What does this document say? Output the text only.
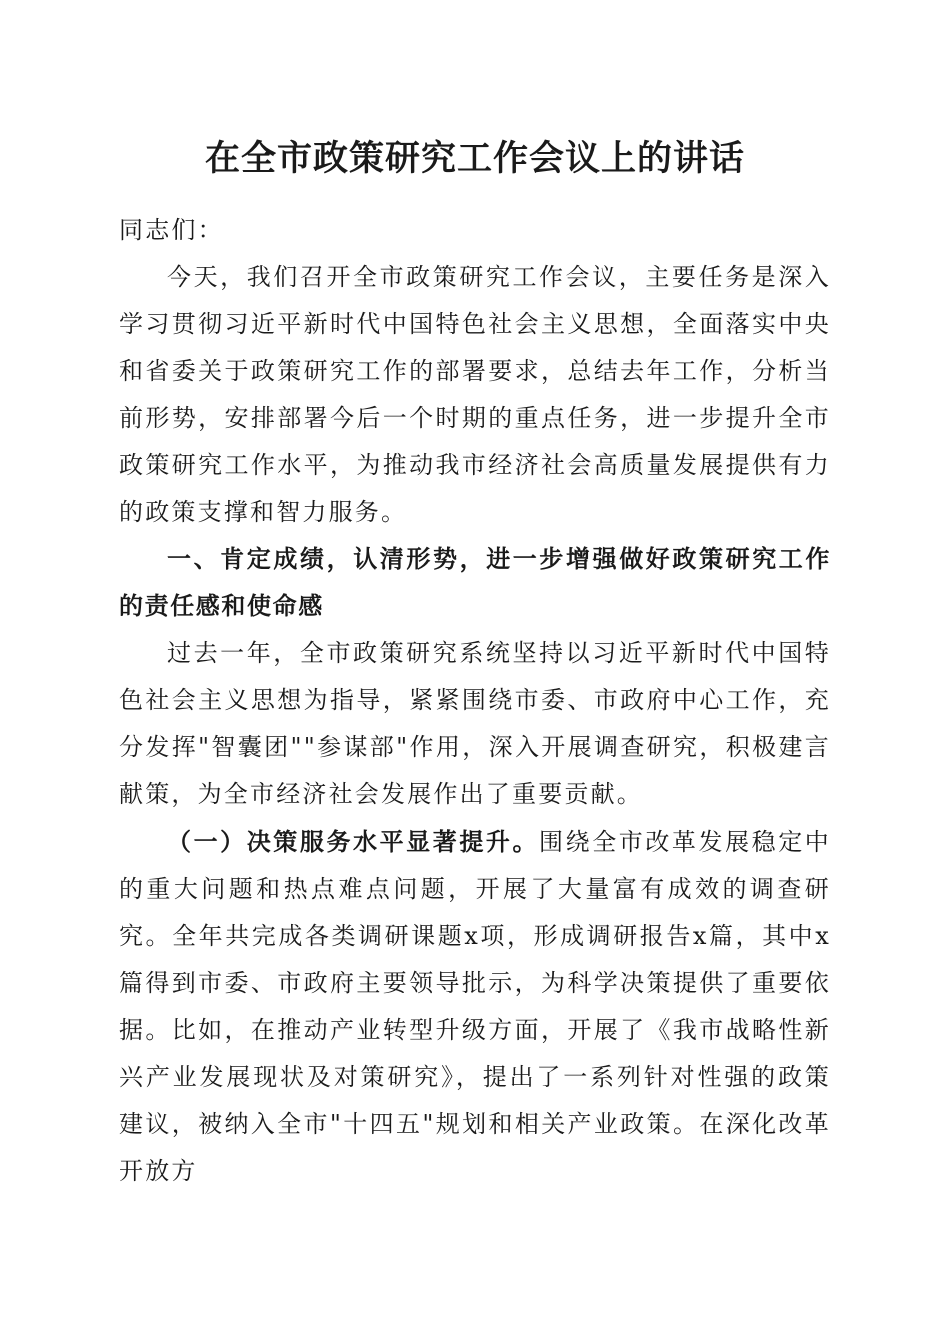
在全市政策研究工作会议上的讲话

同志们：

今天，我们召开全市政策研究工作会议，主要任务是深入学习贯彻习近平新时代中国特色社会主义思想，全面落实中央和省委关于政策研究工作的部署要求，总结去年工作，分析当前形势，安排部署今后一个时期的重点任务，进一步提升全市政策研究工作水平，为推动我市经济社会高质量发展提供有力的政策支撑和智力服务。

一、肯定成绩，认清形势，进一步增强做好政策研究工作的责任感和使命感

过去一年，全市政策研究系统坚持以习近平新时代中国特色社会主义思想为指导，紧紧围绕市委、市政府中心工作，充分发挥"智囊团""参谋部"作用，深入开展调查研究，积极建言献策，为全市经济社会发展作出了重要贡献。

（一）决策服务水平显著提升。围绕全市改革发展稳定中的重大问题和热点难点问题，开展了大量富有成效的调查研究。全年共完成各类调研课题x项，形成调研报告x篇，其中x篇得到市委、市政府主要领导批示，为科学决策提供了重要依据。比如，在推动产业转型升级方面，开展了《我市战略性新兴产业发展现状及对策研究》，提出了一系列针对性强的政策建议，被纳入全市"十四五"规划和相关产业政策。在深化改革开放方
